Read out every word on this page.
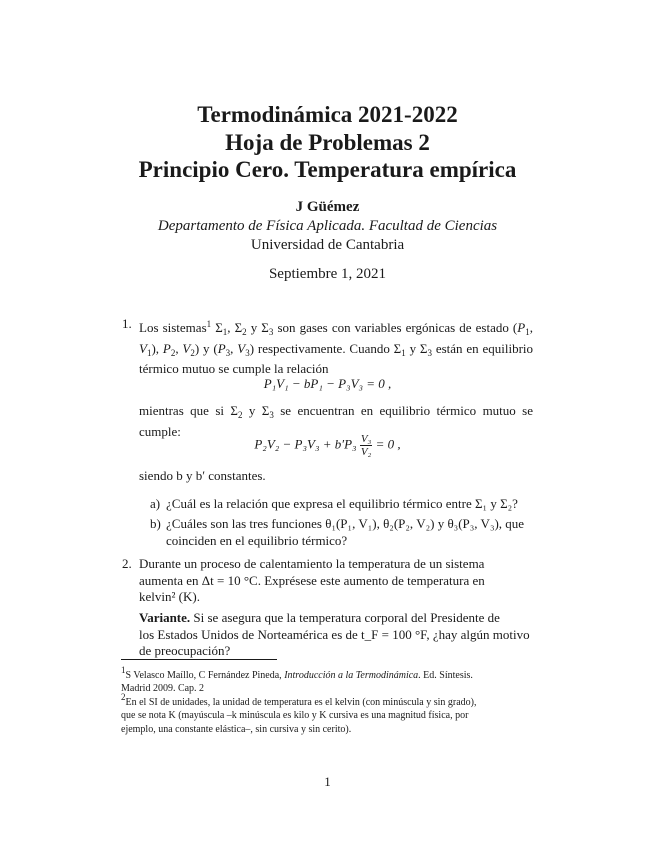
Termodinámica 2021-2022
Hoja de Problemas 2
Principio Cero. Temperatura empírica
J Güémez
Departamento de Física Aplicada. Facultad de Ciencias
Universidad de Cantabria
Septiembre 1, 2021
1. Los sistemas$^1$ $\Sigma_1$, $\Sigma_2$ y $\Sigma_3$ son gases con variables ergónicas de estado ($P_1$, $V_1$), $P_2$, $V_2$) y ($P_3$, $V_3$) respectivamente. Cuando $\Sigma_1$ y $\Sigma_3$ están en equilibrio térmico mutuo se cumple la relación
P₁V₁ − bP₁ − P₃V₃ = 0 ,
mientras que si $\Sigma_2$ y $\Sigma_3$ se encuentran en equilibrio térmico mutuo se cumple:
$P_2V_2 - P_3V_3 + b'P_3 \frac{\text{V₃}}{\text{V₂}} = 0$ ,
siendo b y b′ constantes.
a) ¿Cuál es la relación que expresa el equilibrio térmico entre Σ₁ y Σ₂?
b) ¿Cuáles son las tres funciones θ₁(P₁, V₁), θ₂(P₂, V₂) y θ₃(P₃, V₃), que
coinciden en el equilibrio térmico?
2. Durante un proceso de calentamiento la temperatura de un sistema
aumenta en Δt = 10 °C. Exprésese este aumento de temperatura en
kelvin² (K).
Variante. Si se asegura que la temperatura corporal del Presidente de
los Estados Unidos de Norteamérica es de t_F = 100 °F, ¿hay algún motivo
de preocupación?
1S Velasco Maíllo, C Fernández Pineda, Introducción a la Termodinámica. Ed. Síntesis.
Madrid 2009. Cap. 2
2En el SI de unidades, la unidad de temperatura es el kelvin (con minúscula y sin grado),
que se nota K (mayúscula –k minúscula es kilo y K cursiva es una magnitud física, por
ejemplo, una constante elástica–, sin cursiva y sin cerito).
1
